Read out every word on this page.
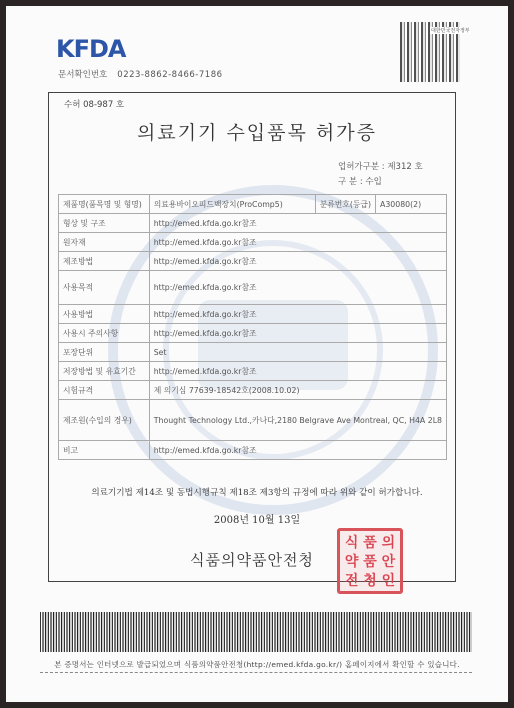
KFDA
문서확인번호 0223-8862-8466-7186
대한민국전자정부
수허 08-987 호
의료기기 수입품목 허가증
업허가구분 : 제312 호
구 분 : 수입
제품명(품목명 및 형명)	의료용바이오피드백장치(ProComp5)	분류번호(등급)	A30080(2)
형상 및 구조	http://emed.kfda.go.kr참조		
원자재	http://emed.kfda.go.kr참조		
제조방법	http://emed.kfda.go.kr참조		
사용목적	http://emed.kfda.go.kr참조		
사용방법	http://emed.kfda.go.kr참조		
사용시 주의사항	http://emed.kfda.go.kr참조		
포장단위	Set		
저장방법 및 유효기간	http://emed.kfda.go.kr참조		
시험규격	제 의기심 77639-18542호(2008.10.02)		
제조원(수입의 경우)	Thought Technology Ltd.,카나다,2180 Belgrave Ave Montreal, QC, H4A 2L8		
비고	http://emed.kfda.go.kr참조		
의료기기법 제14조 및 동법시행규칙 제18조 제3항의 규정에 따라 위와 같이 허가합니다.
2008년 10월 13일
식품의약품안전청
식 품 의
약 품 안
전 청 인
본 증명서는 인터넷으로 발급되었으며 식품의약품안전청(http://emed.kfda.go.kr/) 홈페이지에서 확인할 수 있습니다.
